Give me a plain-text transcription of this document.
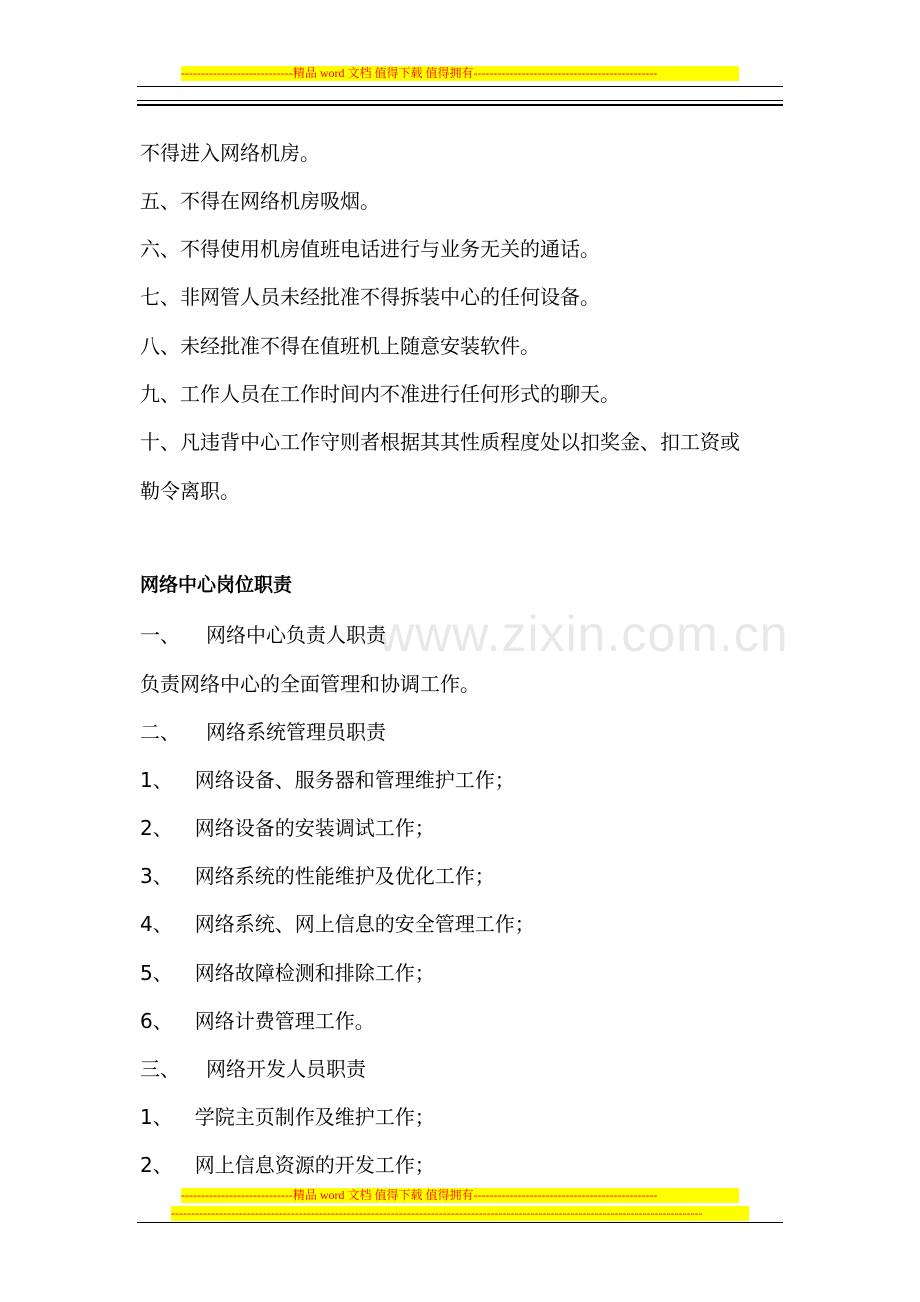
----------------------------精品 word 文档 值得下载 值得拥有----------------------------------------------
www.zixin.com.cn
不得进入网络机房。
五、不得在网络机房吸烟。
六、不得使用机房值班电话进行与业务无关的通话。
七、非网管人员未经批准不得拆装中心的任何设备。
八、未经批准不得在值班机上随意安装软件。
九、工作人员在工作时间内不准进行任何形式的聊天。
十、凡违背中心工作守则者根据其其性质程度处以扣奖金、扣工资或
勒令离职。
网络中心岗位职责
一、 网络中心负责人职责
负责网络中心的全面管理和协调工作。
二、 网络系统管理员职责
1、 网络设备、服务器和管理维护工作；
2、 网络设备的安装调试工作；
3、 网络系统的性能维护及优化工作；
4、 网络系统、网上信息的安全管理工作；
5、 网络故障检测和排除工作；
6、 网络计费管理工作。
三、 网络开发人员职责
1、 学院主页制作及维护工作；
2、 网上信息资源的开发工作；
----------------------------精品 word 文档 值得下载 值得拥有----------------------------------------------
-------------------------------------------------------------------------------------------------------------------------------------
